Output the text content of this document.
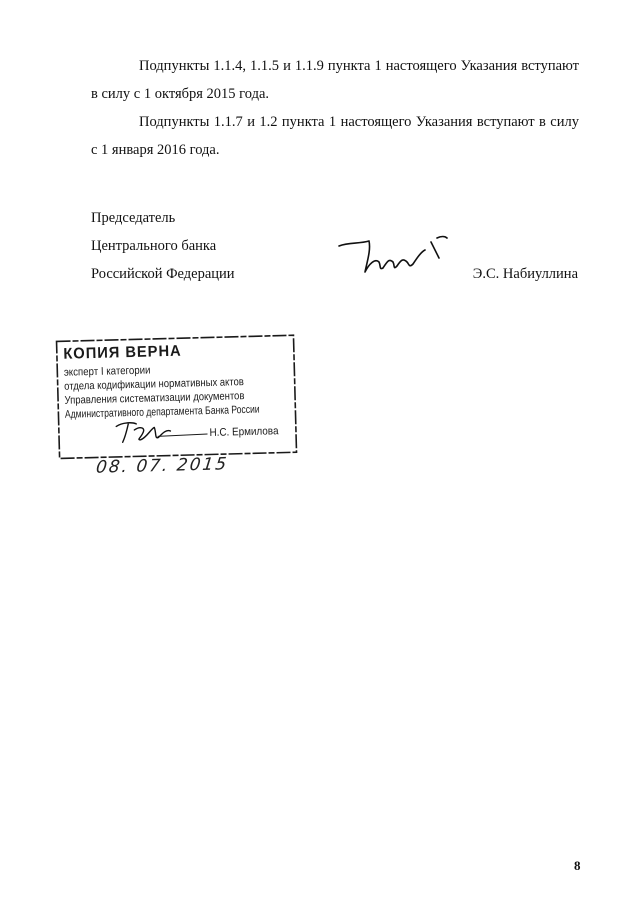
Подпункты 1.1.4, 1.1.5 и 1.1.9 пункта 1 настоящего Указания вступают в силу с 1 октября 2015 года.

Подпункты 1.1.7 и 1.2 пункта 1 настоящего Указания вступают в силу с 1 января 2016 года.

Председатель
Центрального банка
Российской Федерации	Э.С. Набиуллина
КОПИЯ ВЕРНА
эксперт I категории
отдела кодификации нормативных актов
Управления систематизации документов
Административного департамента Банка России
Н.С. Ермилова
08. 07. 2015
8
